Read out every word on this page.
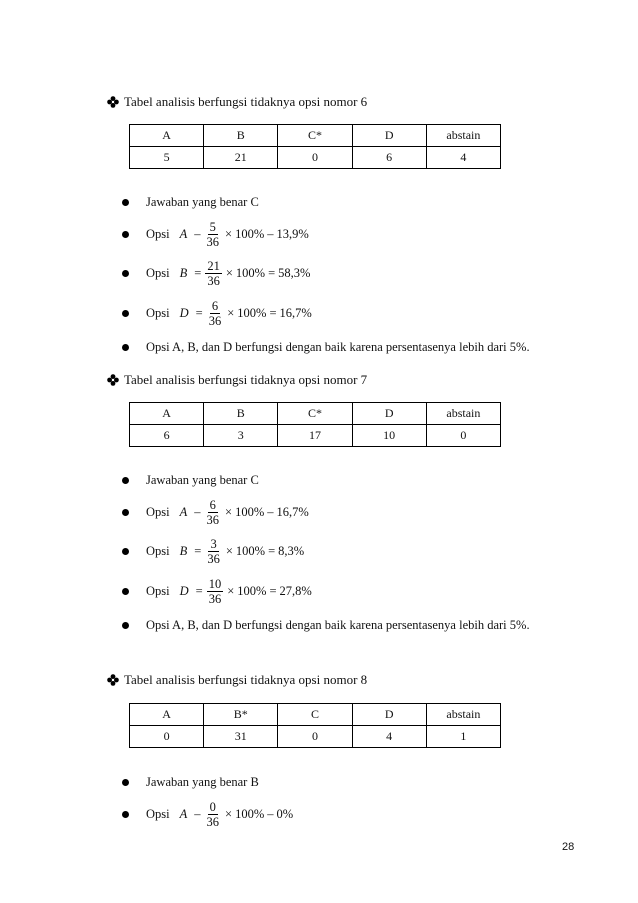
Tabel analisis berfungsi tidaknya opsi nomor 6
A	B	C*	D	abstain
5	21	0	6	4
Jawaban yang benar C
Opsi $A - \frac{5}{36} \times 100\% - 13,9\%$
Opsi $B = \frac{21}{36} \times 100\% = 58,3\%$
Opsi $D = \frac{6}{36} \times 100\% = 16,7\%$
Opsi A, B, dan D berfungsi dengan baik karena persentasenya lebih dari 5%.
Tabel analisis berfungsi tidaknya opsi nomor 7
A	B	C*	D	abstain
6	3	17	10	0
Jawaban yang benar C
Opsi $A - \frac{6}{36} \times 100\% - 16,7\%$
Opsi $B = \frac{3}{36} \times 100\% = 8,3\%$
Opsi $D = \frac{10}{36} \times 100\% = 27,8\%$
Opsi A, B, dan D berfungsi dengan baik karena persentasenya lebih dari 5%.
Tabel analisis berfungsi tidaknya opsi nomor 8
A	B*	C	D	abstain
0	31	0	4	1
Jawaban yang benar B
Opsi $A - \frac{0}{36} \times 100\% - 0\%$
28
